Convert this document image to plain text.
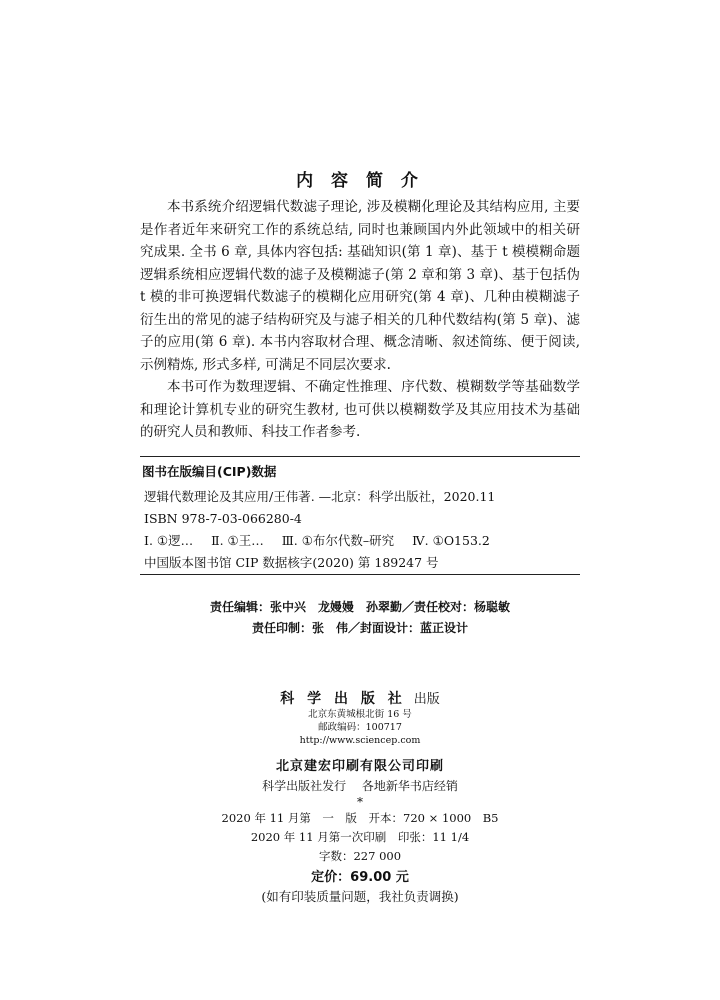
内 容 简 介

本书系统介绍逻辑代数滤子理论, 涉及模糊化理论及其结构应用, 主要是作者近年来研究工作的系统总结, 同时也兼顾国内外此领域中的相关研究成果. 全书 6 章, 具体内容包括: 基础知识(第 1 章)、基于 t 模模糊命题逻辑系统相应逻辑代数的滤子及模糊滤子(第 2 章和第 3 章)、基于包括伪 t 模的非可换逻辑代数滤子的模糊化应用研究(第 4 章)、几种由模糊滤子衍生出的常见的滤子结构研究及与滤子相关的几种代数结构(第 5 章)、滤子的应用(第 6 章). 本书内容取材合理、概念清晰、叙述简练、便于阅读, 示例精炼, 形式多样, 可满足不同层次要求.

本书可作为数理逻辑、不确定性推理、序代数、模糊数学等基础数学和理论计算机专业的研究生教材, 也可供以模糊数学及其应用技术为基础的研究人员和教师、科技工作者参考.

图书在版编目(CIP)数据
逻辑代数理论及其应用/王伟著. —北京：科学出版社，2020.11
ISBN 978-7-03-066280-4
Ⅰ. ①逻… Ⅱ. ①王… Ⅲ. ①布尔代数–研究 Ⅳ. ①O153.2
中国版本图书馆 CIP 数据核字(2020) 第 189247 号
责任编辑：张中兴　龙嫚嫚　孙翠勤／责任校对：杨聪敏
责任印制：张　伟／封面设计：蓝正设计
科 学 出 版 社 出版
北京东黄城根北街 16 号
邮政编码：100717
http://www.sciencep.com
北京建宏印刷有限公司印刷
科学出版社发行 各地新华书店经销
*
2020 年 11 月第　一　版 开本：720 × 1000　B5
2020 年 11 月第一次印刷 印张：11 1/4
字数：227 000
定价：69.00 元
(如有印装质量问题，我社负责调换)
